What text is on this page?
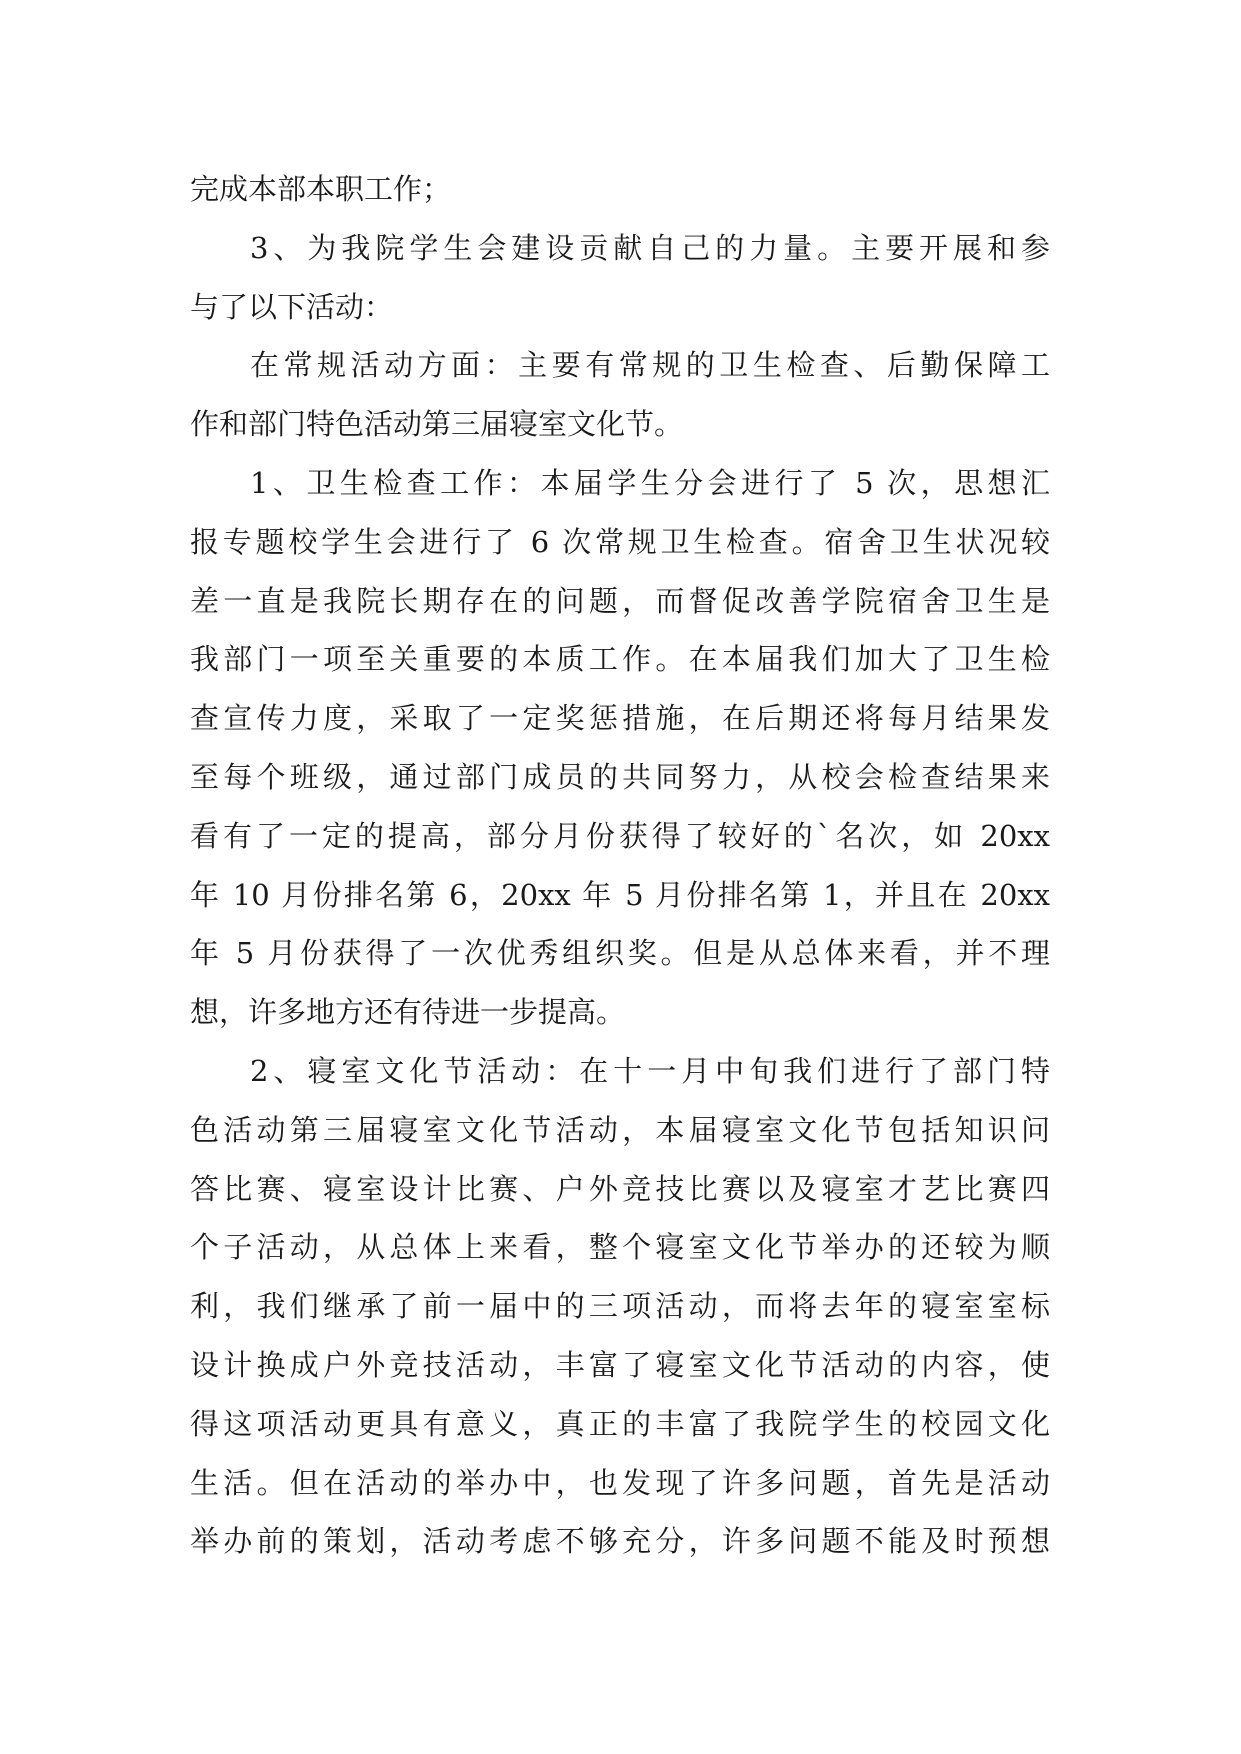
完成本部本职工作；
3、为我院学生会建设贡献自己的力量。主要开展和参
与了以下活动：
在常规活动方面：主要有常规的卫生检查、后勤保障工
作和部门特色活动第三届寝室文化节。
1、卫生检查工作：本届学生分会进行了 5 次，思想汇
报专题校学生会进行了 6 次常规卫生检查。宿舍卫生状况较
差一直是我院长期存在的问题，而督促改善学院宿舍卫生是
我部门一项至关重要的本质工作。在本届我们加大了卫生检
查宣传力度，采取了一定奖惩措施，在后期还将每月结果发
至每个班级，通过部门成员的共同努力，从校会检查结果来
看有了一定的提高，部分月份获得了较好的`名次，如 20xx
年 10 月份排名第 6，20xx 年 5 月份排名第 1，并且在 20xx
年 5 月份获得了一次优秀组织奖。但是从总体来看，并不理
想，许多地方还有待进一步提高。
2、寝室文化节活动：在十一月中旬我们进行了部门特
色活动第三届寝室文化节活动，本届寝室文化节包括知识问
答比赛、寝室设计比赛、户外竞技比赛以及寝室才艺比赛四
个子活动，从总体上来看，整个寝室文化节举办的还较为顺
利，我们继承了前一届中的三项活动，而将去年的寝室室标
设计换成户外竞技活动，丰富了寝室文化节活动的内容，使
得这项活动更具有意义，真正的丰富了我院学生的校园文化
生活。但在活动的举办中，也发现了许多问题，首先是活动
举办前的策划，活动考虑不够充分，许多问题不能及时预想
